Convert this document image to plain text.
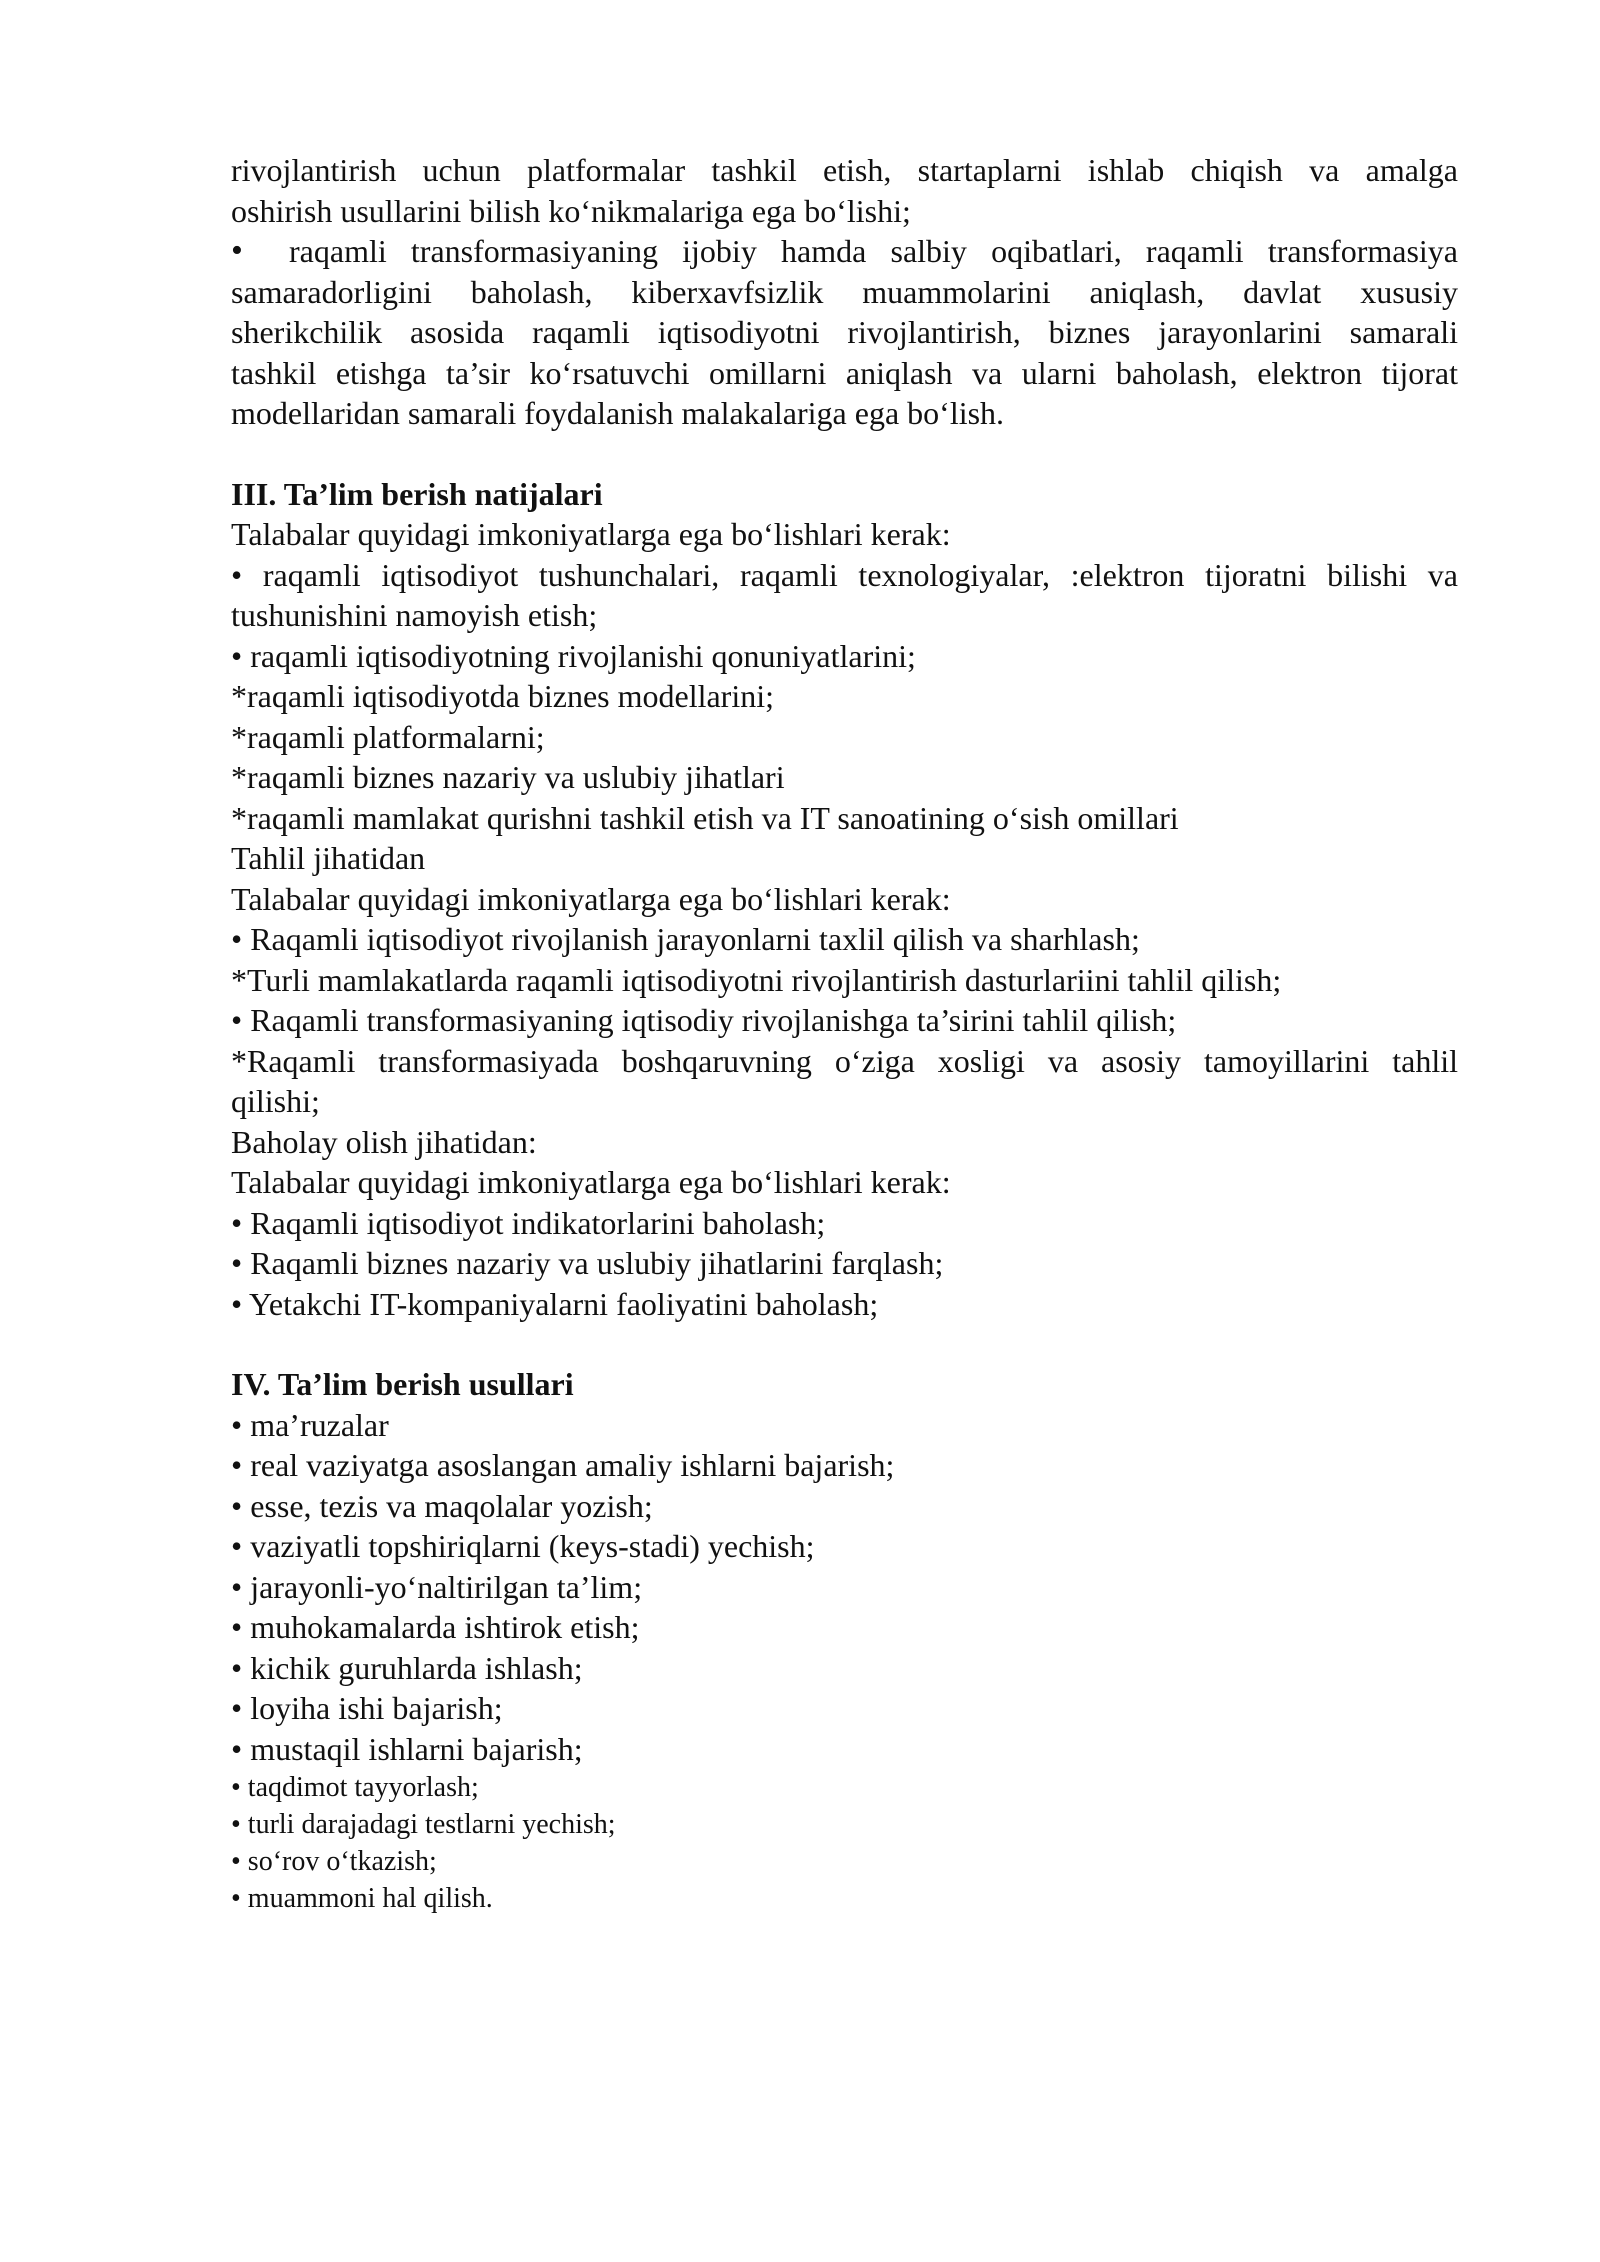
rivojlantirish uchun platformalar tashkil etish, startaplarni ishlab chiqish va amalga
oshirish usullarini bilish ko‘nikmalariga ega bo‘lishi;
•	raqamli transformasiyaning ijobiy hamda salbiy oqibatlari, raqamli transformasiya
samaradorligini baholash, kiberxavfsizlik muammolarini aniqlash, davlat xususiy
sherikchilik asosida raqamli iqtisodiyotni rivojlantirish, biznes jarayonlarini samarali
tashkil etishga ta’sir ko‘rsatuvchi omillarni aniqlash va ularni baholash, elektron tijorat
modellaridan samarali foydalanish malakalariga ega bo‘lish.
III. Ta’lim berish natijalari
Talabalar quyidagi imkoniyatlarga ega bo‘lishlari kerak:
• raqamli iqtisodiyot tushunchalari, raqamli texnologiyalar, :elektron tijoratni bilishi va
tushunishini namoyish etish;
• raqamli iqtisodiyotning rivojlanishi qonuniyatlarini;
*raqamli iqtisodiyotda biznes modellarini;
*raqamli platformalarni;
*raqamli biznes nazariy va uslubiy jihatlari
*raqamli mamlakat qurishni tashkil etish va IT sanoatining o‘sish omillari
Tahlil jihatidan
Talabalar quyidagi imkoniyatlarga ega bo‘lishlari kerak:
• Raqamli iqtisodiyot rivojlanish jarayonlarni taxlil qilish va sharhlash;
*Turli mamlakatlarda raqamli iqtisodiyotni rivojlantirish dasturlariini tahlil qilish;
• Raqamli transformasiyaning iqtisodiy rivojlanishga ta’sirini tahlil qilish;
*Raqamli transformasiyada boshqaruvning o‘ziga xosligi va asosiy tamoyillarini tahlil
qilishi;
Baholay olish jihatidan:
Talabalar quyidagi imkoniyatlarga ega bo‘lishlari kerak:
• Raqamli iqtisodiyot indikatorlarini baholash;
• Raqamli biznes nazariy va uslubiy jihatlarini farqlash;
• Yetakchi IT-kompaniyalarni faoliyatini baholash;
IV. Ta’lim berish usullari
• ma’ruzalar
• real vaziyatga asoslangan amaliy ishlarni bajarish;
• esse, tezis va maqolalar yozish;
• vaziyatli topshiriqlarni (keys-stadi) yechish;
• jarayonli-yo‘naltirilgan ta’lim;
• muhokamalarda ishtirok etish;
• kichik guruhlarda ishlash;
• loyiha ishi bajarish;
• mustaqil ishlarni bajarish;
• taqdimot tayyorlash;
• turli darajadagi testlarni yechish;
• so‘rov o‘tkazish;
• muammoni hal qilish.
